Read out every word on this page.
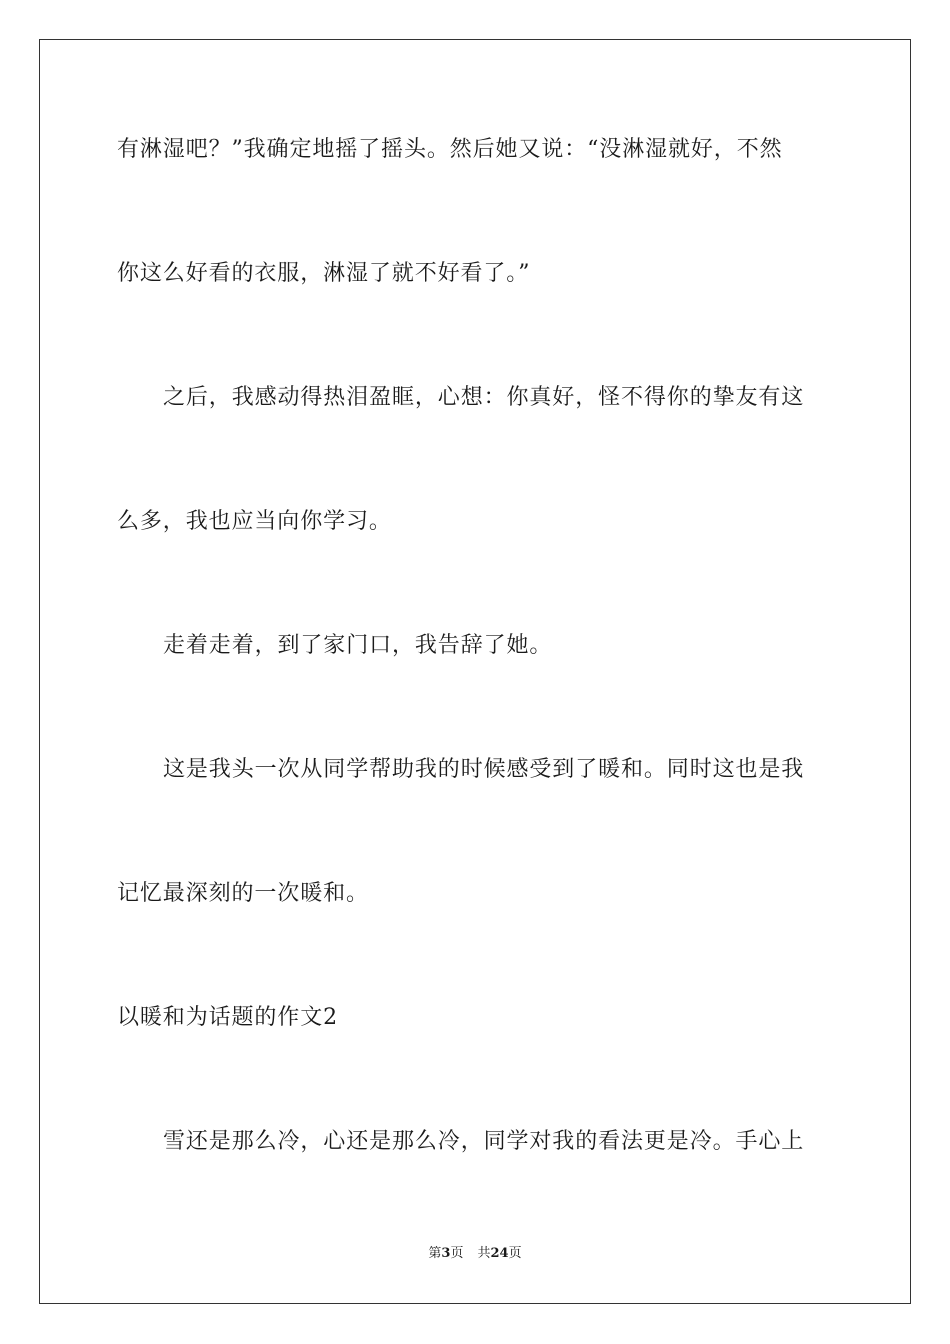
有淋湿吧？”我确定地摇了摇头。然后她又说：“没淋湿就好，不然
你这么好看的衣服，淋湿了就不好看了。”
之后，我感动得热泪盈眶，心想：你真好，怪不得你的挚友有这
么多，我也应当向你学习。
走着走着，到了家门口，我告辞了她。
这是我头一次从同学帮助我的时候感受到了暖和。同时这也是我
记忆最深刻的一次暖和。
以暖和为话题的作文2
雪还是那么冷，心还是那么冷，同学对我的看法更是冷。手心上
第3页 共24页
